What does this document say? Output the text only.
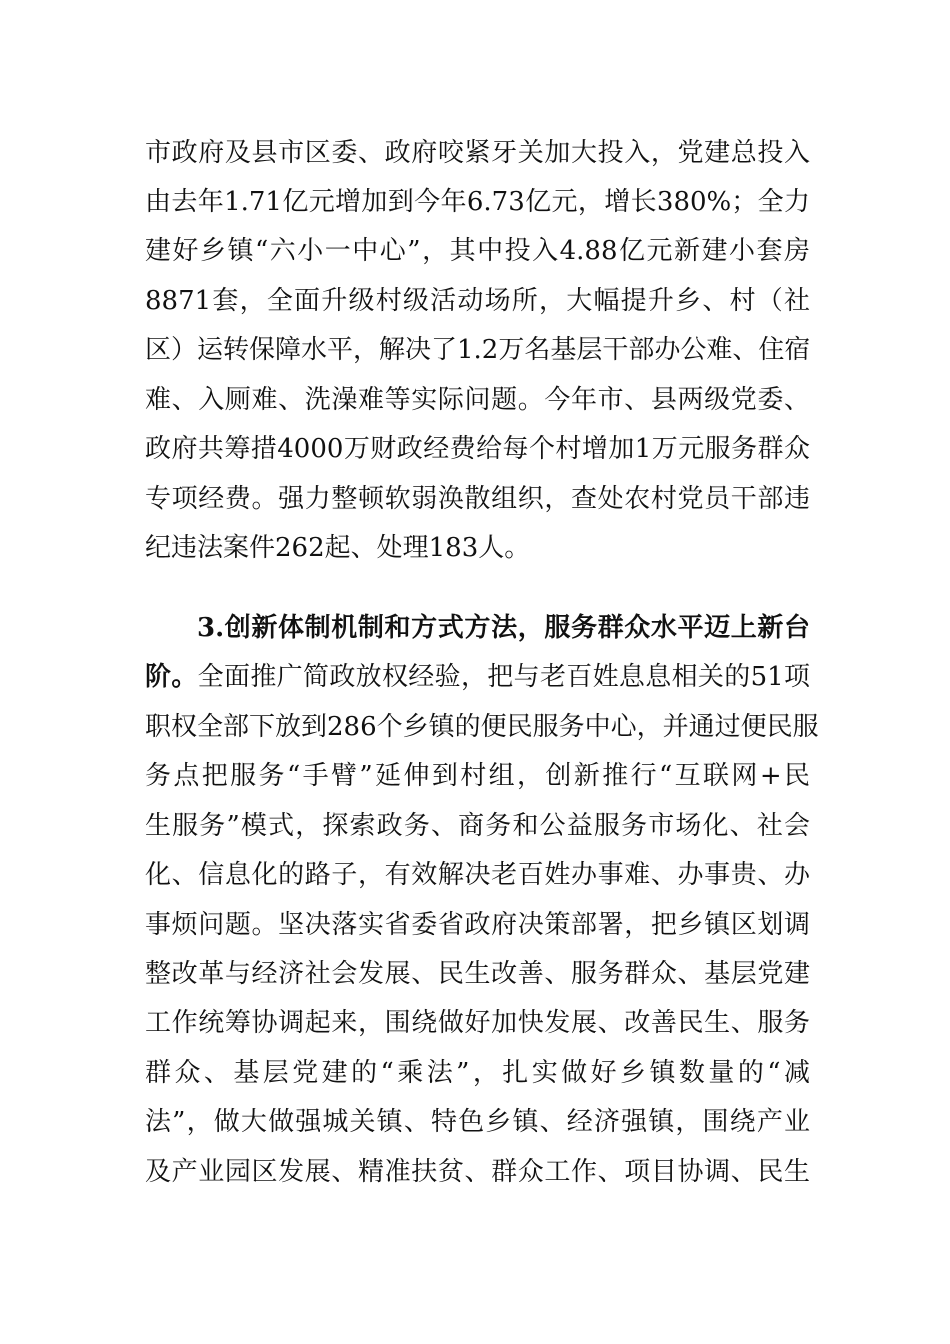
市政府及县市区委、政府咬紧牙关加大投入，党建总投入
由去年1.71亿元增加到今年6.73亿元，增长380%；全力
建好乡镇“六小一中心”，其中投入4.88亿元新建小套房
8871套，全面升级村级活动场所，大幅提升乡、村（社
区）运转保障水平，解决了1.2万名基层干部办公难、住宿
难、入厕难、洗澡难等实际问题。今年市、县两级党委、
政府共筹措4000万财政经费给每个村增加1万元服务群众
专项经费。强力整顿软弱涣散组织，查处农村党员干部违
纪违法案件262起、处理183人。
3.创新体制机制和方式方法，服务群众水平迈上新台
阶。全面推广简政放权经验，把与老百姓息息相关的51项
职权全部下放到286个乡镇的便民服务中心，并通过便民服
务点把服务“手臂”延伸到村组，创新推行“互联网+民
生服务”模式，探索政务、商务和公益服务市场化、社会
化、信息化的路子，有效解决老百姓办事难、办事贵、办
事烦问题。坚决落实省委省政府决策部署，把乡镇区划调
整改革与经济社会发展、民生改善、服务群众、基层党建
工作统筹协调起来，围绕做好加快发展、改善民生、服务
群众、基层党建的“乘法”，扎实做好乡镇数量的“减
法”，做大做强城关镇、特色乡镇、经济强镇，围绕产业
及产业园区发展、精准扶贫、群众工作、项目协调、民生
